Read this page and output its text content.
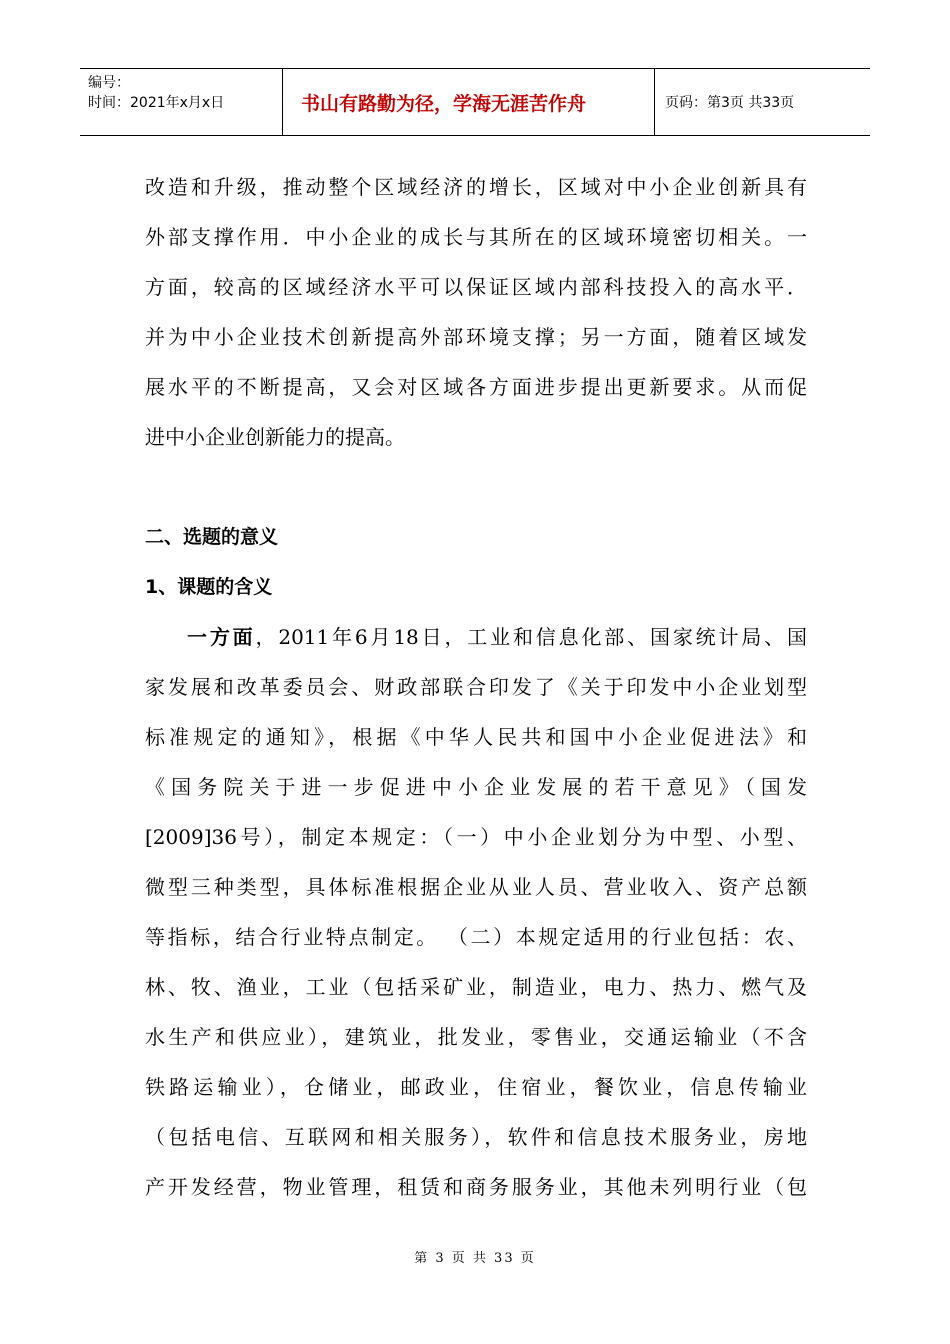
编号：
时间：2021年x月x日	书山有路勤为径，学海无涯苦作舟	页码：第3页 共33页
改造和升级，推动整个区域经济的增长，区域对中小企业创新具有
外部支撑作用．中小企业的成长与其所在的区域环境密切相关。一
方面，较高的区域经济水平可以保证区域内部科技投入的高水平．
并为中小企业技术创新提高外部环境支撑；另一方面，随着区域发
展水平的不断提高，又会对区域各方面进步提出更新要求。从而促
进中小企业创新能力的提高。
二、选题的意义
1、课题的含义
一方面，2011年6月18日，工业和信息化部、国家统计局、国
家发展和改革委员会、财政部联合印发了《关于印发中小企业划型
标准规定的通知》，根据《中华人民共和国中小企业促进法》和
《国务院关于进一步促进中小企业发展的若干意见》（国发
[2009]36号），制定本规定：（一）中小企业划分为中型、小型、
微型三种类型，具体标准根据企业从业人员、营业收入、资产总额
等指标，结合行业特点制定。 （二）本规定适用的行业包括：农、
林、牧、渔业，工业（包括采矿业，制造业，电力、热力、燃气及
水生产和供应业），建筑业，批发业，零售业，交通运输业（不含
铁路运输业），仓储业，邮政业，住宿业，餐饮业，信息传输业
（包括电信、互联网和相关服务），软件和信息技术服务业，房地
产开发经营，物业管理，租赁和商务服务业，其他未列明行业（包
第 3 页 共 33 页
